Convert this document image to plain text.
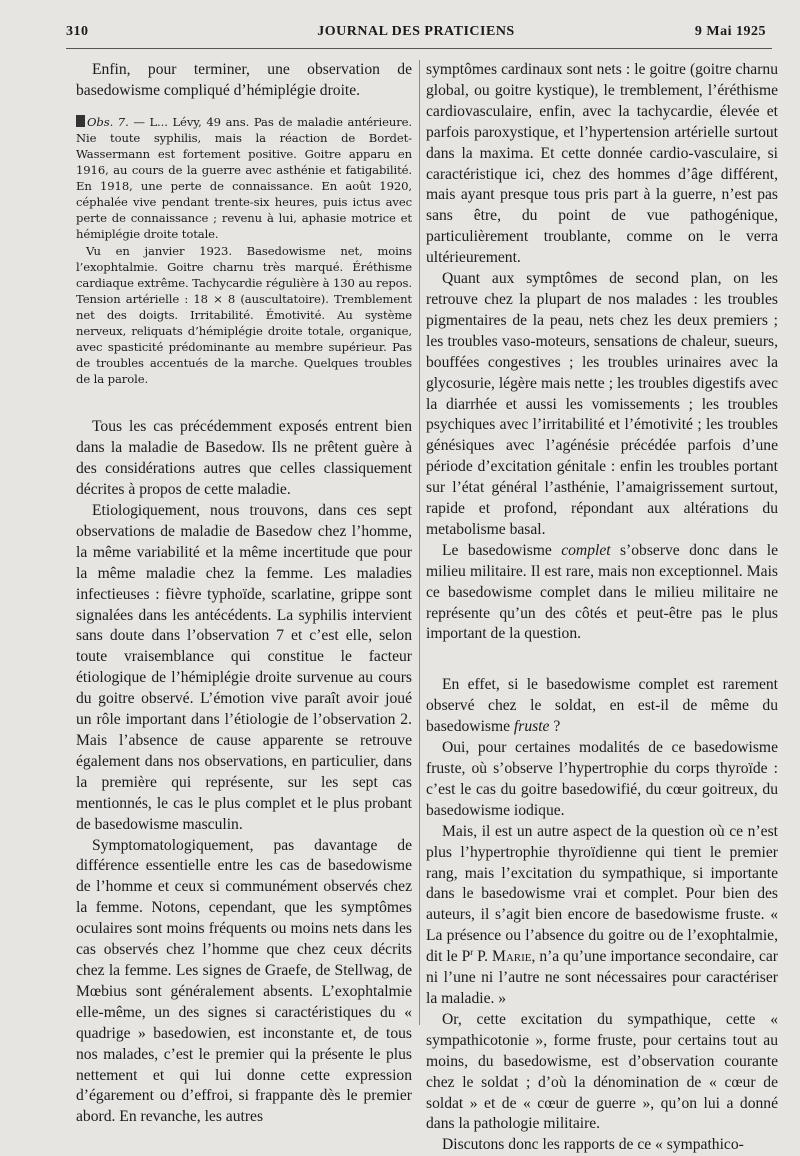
310	JOURNAL DES PRATICIENS	9 Mai 1925

Enfin, pour terminer, une observation de basedowisme compliqué d’hémiplégie droite.

Obs. 7. — L... Lévy, 49 ans. Pas de maladie antérieure. Nie toute syphilis, mais la réaction de Bordet-Wassermann est fortement positive. Goitre apparu en 1916, au cours de la guerre avec asthénie et fatigabilité. En 1918, une perte de connaissance. En août 1920, céphalée vive pendant trente-six heures, puis ictus avec perte de connaissance ; revenu à lui, aphasie motrice et hémiplégie droite totale.

Vu en janvier 1923. Basedowisme net, moins l’exophtalmie. Goitre charnu très marqué. Éréthisme cardiaque extrême. Tachycardie régulière à 130 au repos. Tension artérielle : 18 × 8 (auscultatoire). Tremblement net des doigts. Irritabilité. Émotivité. Au système nerveux, reliquats d’hémiplégie droite totale, organique, avec spasticité prédominante au membre supérieur. Pas de troubles accentués de la marche. Quelques troubles de la parole.

Tous les cas précédemment exposés entrent bien dans la maladie de Basedow. Ils ne prêtent guère à des considérations autres que celles classiquement décrites à propos de cette maladie.

Etiologiquement, nous trouvons, dans ces sept observations de maladie de Basedow chez l’homme, la même variabilité et la même incertitude que pour la même maladie chez la femme. Les maladies infectieuses : fièvre typhoïde, scarlatine, grippe sont signalées dans les antécédents. La syphilis intervient sans doute dans l’observation 7 et c’est elle, selon toute vraisemblance qui constitue le facteur étiologique de l’hémiplégie droite survenue au cours du goitre observé. L’émotion vive paraît avoir joué un rôle important dans l’étiologie de l’observation 2. Mais l’absence de cause apparente se retrouve également dans nos observations, en particulier, dans la première qui représente, sur les sept cas mentionnés, le cas le plus complet et le plus probant de basedowisme masculin.

Symptomatologiquement, pas davantage de différence essentielle entre les cas de basedowisme de l’homme et ceux si communément observés chez la femme. Notons, cependant, que les symptômes oculaires sont moins fréquents ou moins nets dans les cas observés chez l’homme que chez ceux décrits chez la femme. Les signes de Graefe, de Stellwag, de Mœbius sont généralement absents. L’exophtalmie elle-même, un des signes si caractéristiques du « quadrige » basedowien, est inconstante et, de tous nos malades, c’est le premier qui la présente le plus nettement et qui lui donne cette expression d’égarement ou d’effroi, si frappante dès le premier abord. En revanche, les autres

symptômes cardinaux sont nets : le goitre (goitre charnu global, ou goitre kystique), le tremblement, l’éréthisme cardiovasculaire, enfin, avec la tachycardie, élevée et parfois paroxystique, et l’hypertension artérielle surtout dans la maxima. Et cette donnée cardio-vasculaire, si caractéristique ici, chez des hommes d’âge différent, mais ayant presque tous pris part à la guerre, n’est pas sans être, du point de vue pathogénique, particulièrement troublante, comme on le verra ultérieurement.

Quant aux symptômes de second plan, on les retrouve chez la plupart de nos malades : les troubles pigmentaires de la peau, nets chez les deux premiers ; les troubles vaso-moteurs, sensations de chaleur, sueurs, bouffées congestives ; les troubles urinaires avec la glycosurie, légère mais nette ; les troubles digestifs avec la diarrhée et aussi les vomissements ; les troubles psychiques avec l’irritabilité et l’émotivité ; les troubles génésiques avec l’agénésie précédée parfois d’une période d’excitation génitale : enfin les troubles portant sur l’état général l’asthénie, l’amaigrissement surtout, rapide et profond, répondant aux altérations du metabolisme basal.

Le basedowisme complet s’observe donc dans le milieu militaire. Il est rare, mais non exceptionnel. Mais ce basedowisme complet dans le milieu militaire ne représente qu’un des côtés et peut-être pas le plus important de la question.

En effet, si le basedowisme complet est rarement observé chez le soldat, en est-il de même du basedowisme fruste ?

Oui, pour certaines modalités de ce basedowisme fruste, où s’observe l’hypertrophie du corps thyroïde : c’est le cas du goitre basedowifié, du cœur goitreux, du basedowisme iodique.

Mais, il est un autre aspect de la question où ce n’est plus l’hypertrophie thyroïdienne qui tient le premier rang, mais l’excitation du sympathique, si importante dans le basedowisme vrai et complet. Pour bien des auteurs, il s’agit bien encore de basedowisme fruste. « La présence ou l’absence du goitre ou de l’exophtalmie, dit le $P^r$ P. Marie, n’a qu’une importance secondaire, car ni l’une ni l’autre ne sont nécessaires pour caractériser la maladie. »

Or, cette excitation du sympathique, cette « sympathicotonie », forme fruste, pour certains tout au moins, du basedowisme, est d’observation courante chez le soldat ; d’où la dénomination de « cœur de soldat » et de « cœur de guerre », qu’on lui a donné dans la pathologie militaire.

Discutons donc les rapports de ce « sympathico-
